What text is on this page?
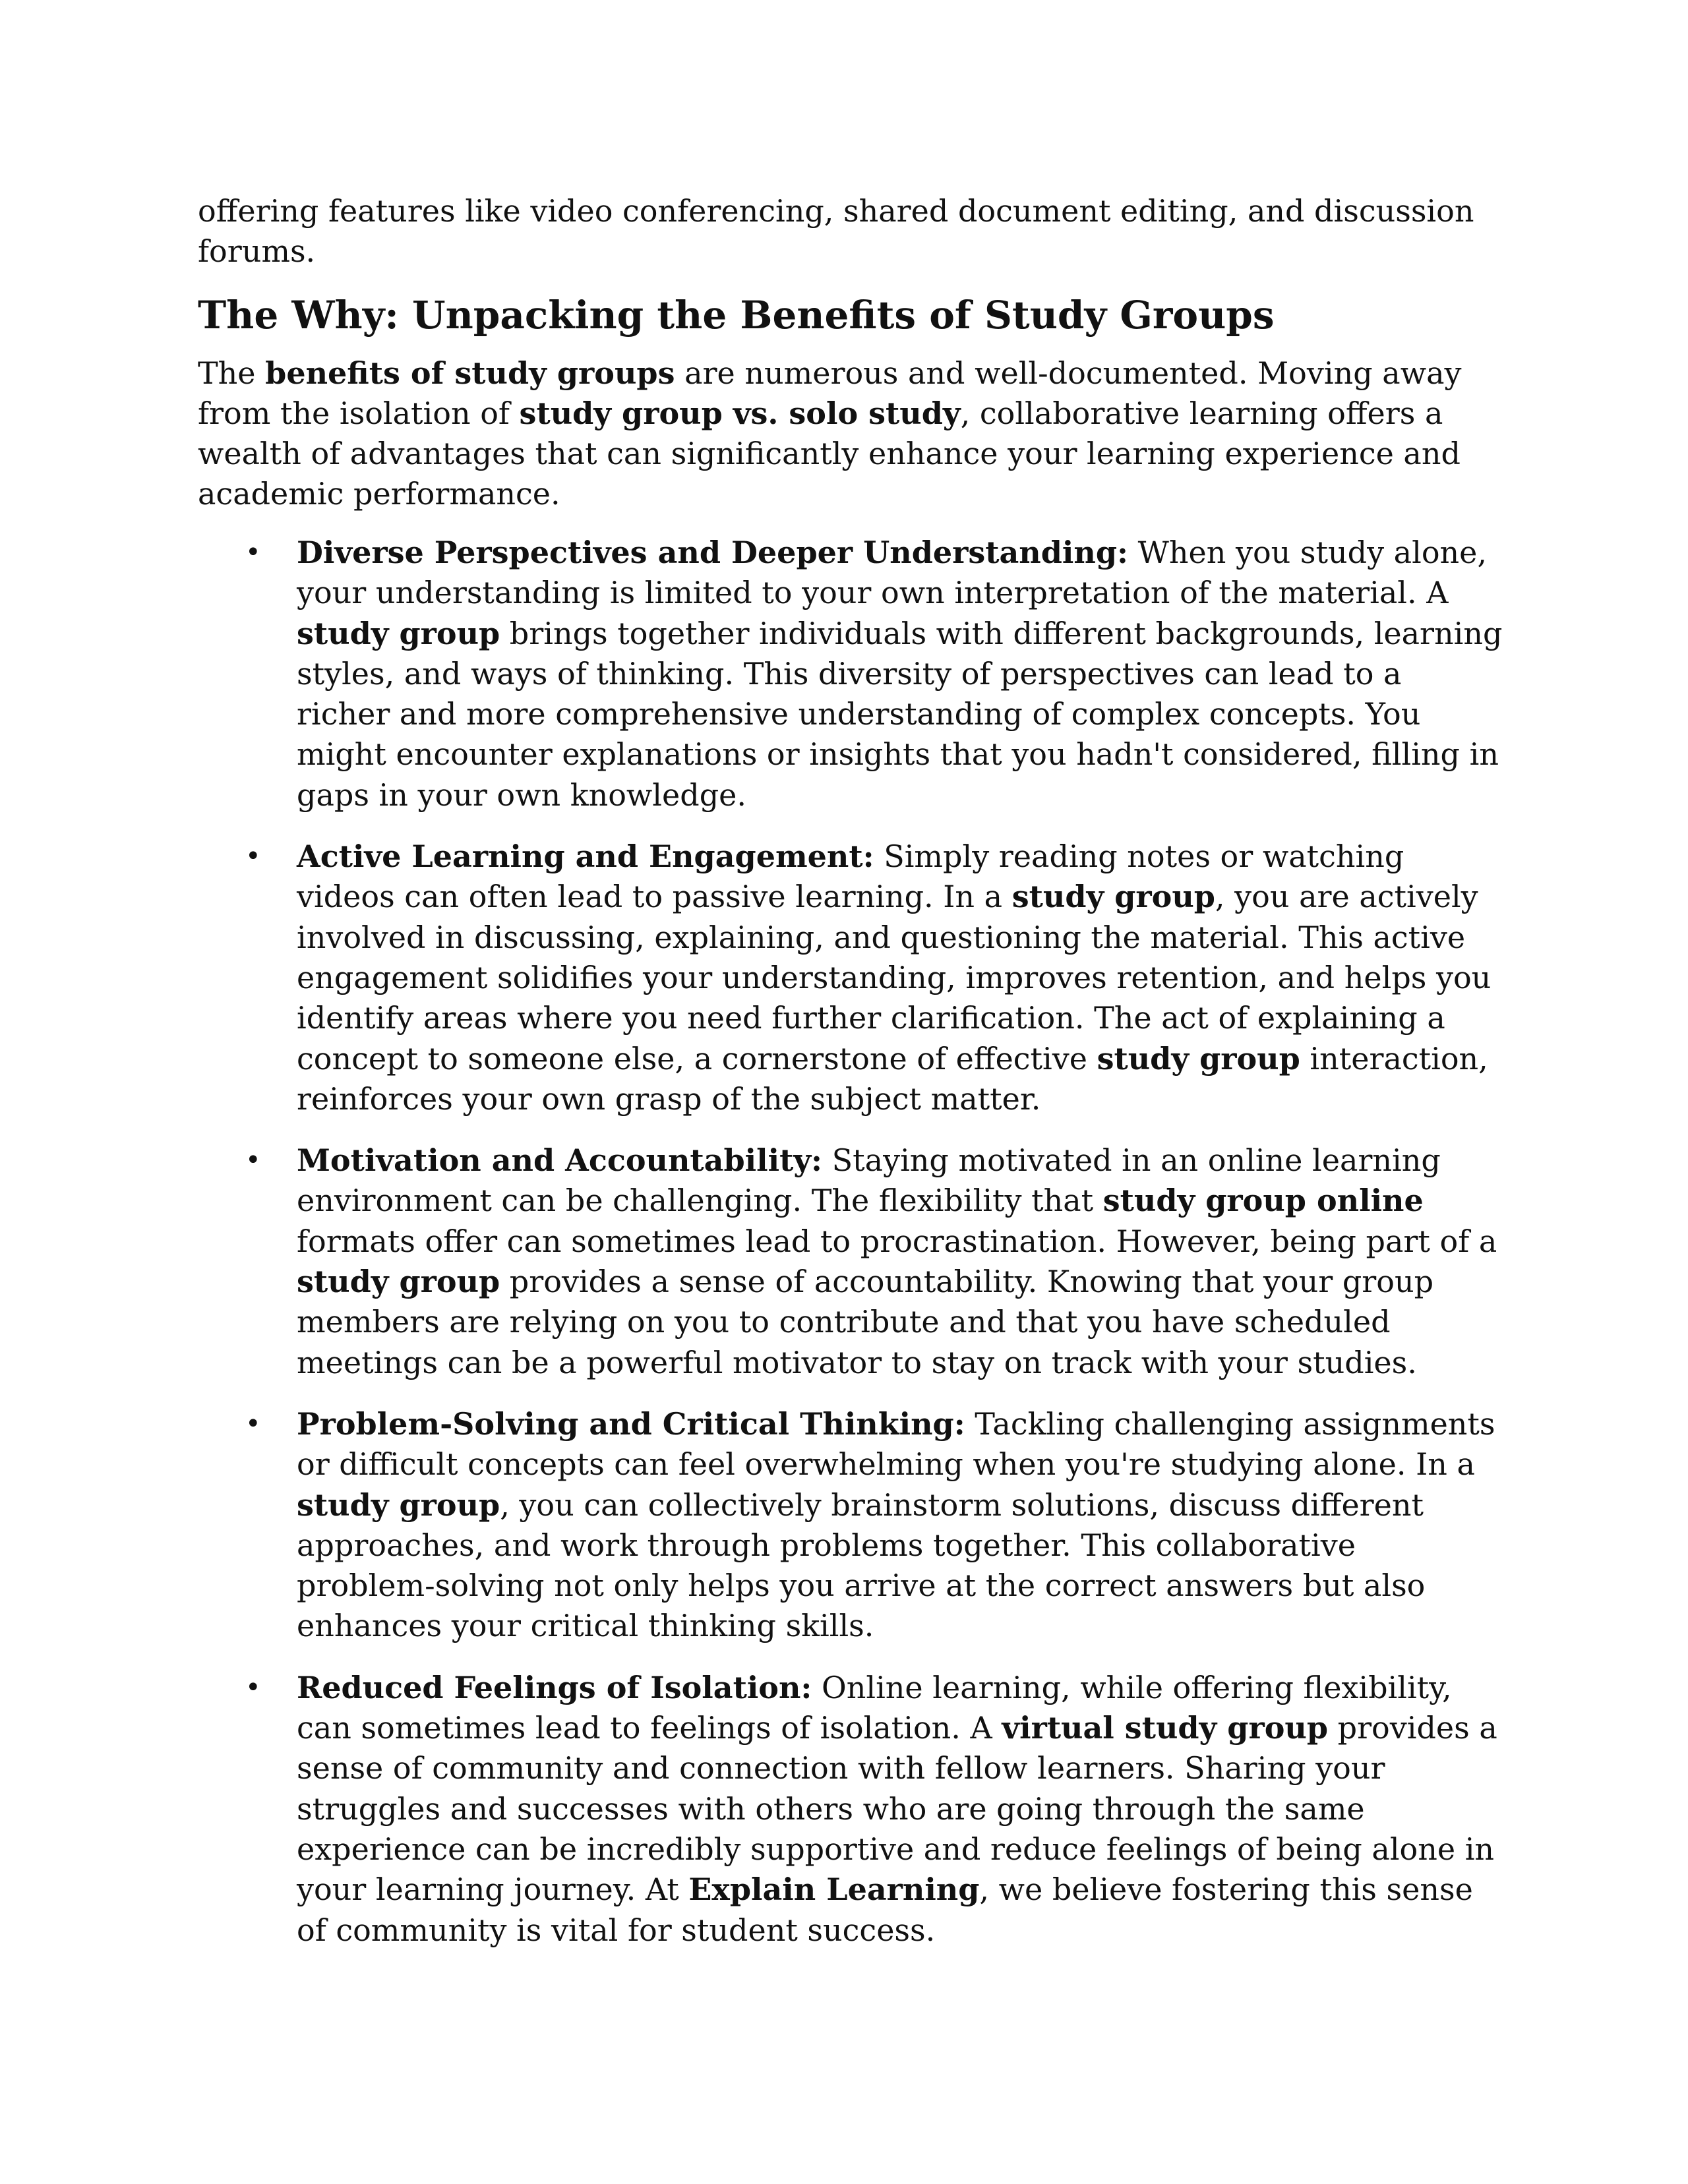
offering features like video conferencing, shared document editing, and discussion forums.

The Why: Unpacking the Benefits of Study Groups

The benefits of study groups are numerous and well-documented. Moving away from the isolation of study group vs. solo study, collaborative learning offers a wealth of advantages that can significantly enhance your learning experience and academic performance.

• Diverse Perspectives and Deeper Understanding: When you study alone, your understanding is limited to your own interpretation of the material. A study group brings together individuals with different backgrounds, learning styles, and ways of thinking. This diversity of perspectives can lead to a richer and more comprehensive understanding of complex concepts. You might encounter explanations or insights that you hadn't considered, filling in gaps in your own knowledge.
• Active Learning and Engagement: Simply reading notes or watching videos can often lead to passive learning. In a study group, you are actively involved in discussing, explaining, and questioning the material. This active engagement solidifies your understanding, improves retention, and helps you identify areas where you need further clarification. The act of explaining a concept to someone else, a cornerstone of effective study group interaction, reinforces your own grasp of the subject matter.
• Motivation and Accountability: Staying motivated in an online learning environment can be challenging. The flexibility that study group online formats offer can sometimes lead to procrastination. However, being part of a study group provides a sense of accountability. Knowing that your group members are relying on you to contribute and that you have scheduled meetings can be a powerful motivator to stay on track with your studies.
• Problem-Solving and Critical Thinking: Tackling challenging assignments or difficult concepts can feel overwhelming when you're studying alone. In a study group, you can collectively brainstorm solutions, discuss different approaches, and work through problems together. This collaborative problem-solving not only helps you arrive at the correct answers but also enhances your critical thinking skills.
• Reduced Feelings of Isolation: Online learning, while offering flexibility, can sometimes lead to feelings of isolation. A virtual study group provides a sense of community and connection with fellow learners. Sharing your struggles and successes with others who are going through the same experience can be incredibly supportive and reduce feelings of being alone in your learning journey. At Explain Learning, we believe fostering this sense of community is vital for student success.
